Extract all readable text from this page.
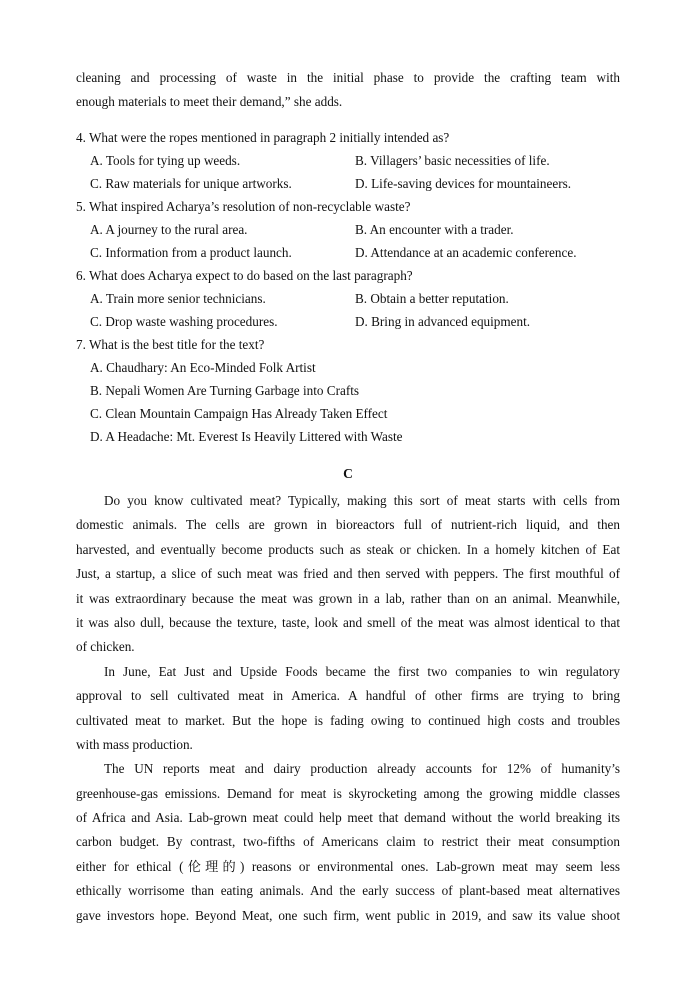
cleaning and processing of waste in the initial phase to provide the crafting team with
enough materials to meet their demand,” she adds.
4. What were the ropes mentioned in paragraph 2 initially intended as?
A. Tools for tying up weeds.	B. Villagers’ basic necessities of life.
C. Raw materials for unique artworks.	D. Life-saving devices for mountaineers.
5. What inspired Acharya’s resolution of non-recyclable waste?
A. A journey to the rural area.	B. An encounter with a trader.
C. Information from a product launch.	D. Attendance at an academic conference.
6. What does Acharya expect to do based on the last paragraph?
A. Train more senior technicians.	B. Obtain a better reputation.
C. Drop waste washing procedures.	D. Bring in advanced equipment.
7. What is the best title for the text?
A. Chaudhary: An Eco-Minded Folk Artist
B. Nepali Women Are Turning Garbage into Crafts
C. Clean Mountain Campaign Has Already Taken Effect
D. A Headache: Mt. Everest Is Heavily Littered with Waste
C
Do you know cultivated meat? Typically, making this sort of meat starts with cells from
domestic animals. The cells are grown in bioreactors full of nutrient-rich liquid, and then
harvested, and eventually become products such as steak or chicken. In a homely kitchen of Eat
Just, a startup, a slice of such meat was fried and then served with peppers. The first mouthful of
it was extraordinary because the meat was grown in a lab, rather than on an animal. Meanwhile,
it was also dull, because the texture, taste, look and smell of the meat was almost identical to that
of chicken.
In June, Eat Just and Upside Foods became the first two companies to win regulatory
approval to sell cultivated meat in America. A handful of other firms are trying to bring
cultivated meat to market. But the hope is fading owing to continued high costs and troubles
with mass production.
The UN reports meat and dairy production already accounts for 12% of humanity’s
greenhouse-gas emissions. Demand for meat is skyrocketing among the growing middle classes
of Africa and Asia. Lab-grown meat could help meet that demand without the world breaking its
carbon budget. By contrast, two-fifths of Americans claim to restrict their meat consumption
either for ethical (伦理的) reasons or environmental ones. Lab-grown meat may seem less
ethically worrisome than eating animals. And the early success of plant-based meat alternatives
gave investors hope. Beyond Meat, one such firm, went public in 2019, and saw its value shoot
